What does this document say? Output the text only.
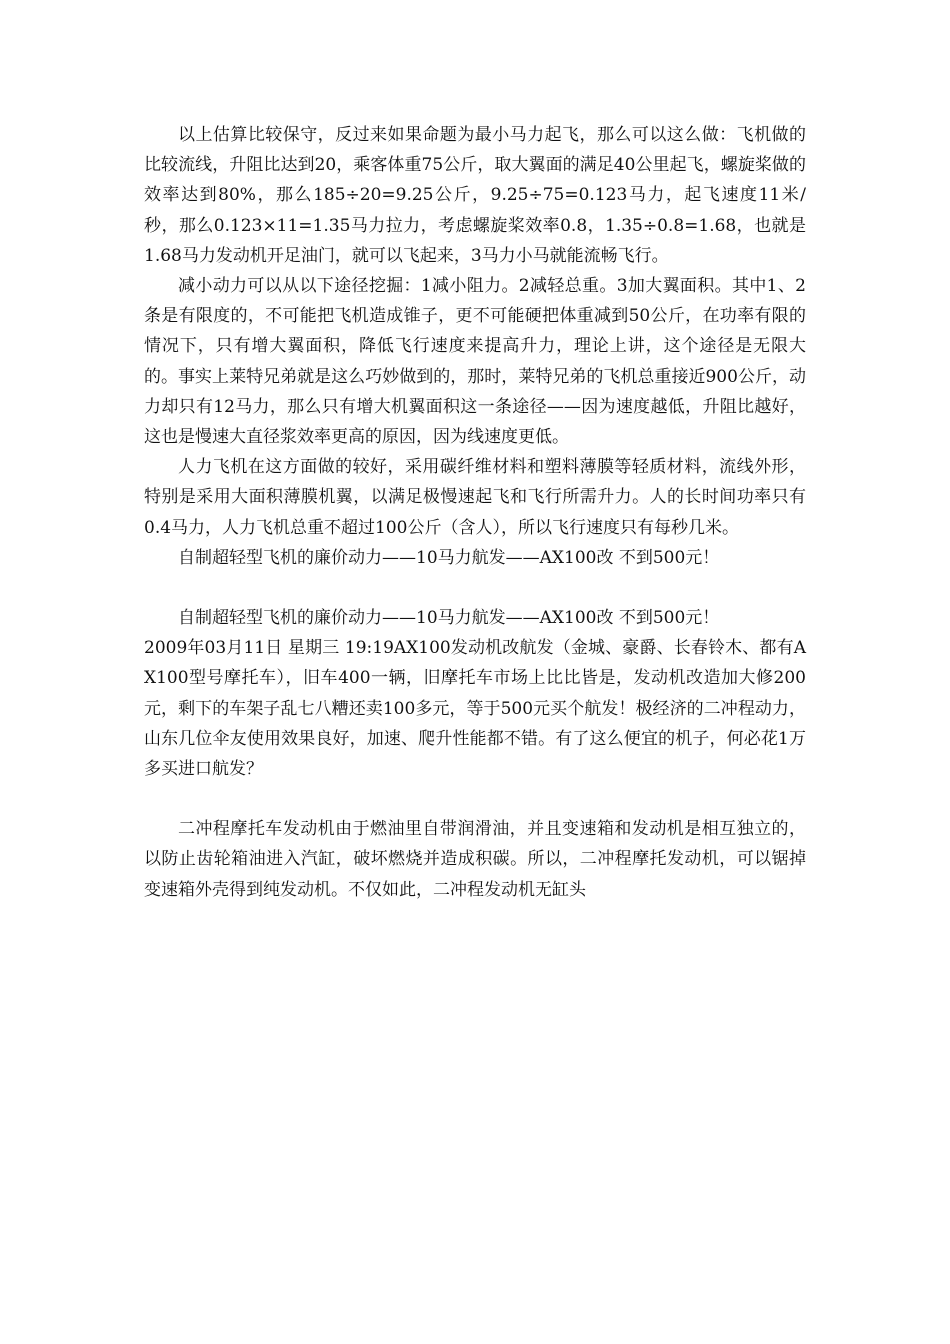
以上估算比较保守，反过来如果命题为最小马力起飞，那么可以这么做：飞机做的比较流线，升阻比达到20，乘客体重75公斤，取大翼面的满足40公里起飞，螺旋桨做的效率达到80%，那么185÷20=9.25公斤，9.25÷75=0.123马力，起飞速度11米/秒，那么0.123×11=1.35马力拉力，考虑螺旋桨效率0.8，1.35÷0.8=1.68，也就是1.68马力发动机开足油门，就可以飞起来，3马力小马就能流畅飞行。

减小动力可以从以下途径挖掘：1减小阻力。2减轻总重。3加大翼面积。其中1、2条是有限度的，不可能把飞机造成锥子，更不可能硬把体重减到50公斤，在功率有限的情况下，只有增大翼面积，降低飞行速度来提高升力，理论上讲，这个途径是无限大的。事实上莱特兄弟就是这么巧妙做到的，那时，莱特兄弟的飞机总重接近900公斤，动力却只有12马力，那么只有增大机翼面积这一条途径——因为速度越低，升阻比越好，这也是慢速大直径浆效率更高的原因，因为线速度更低。

人力飞机在这方面做的较好，采用碳纤维材料和塑料薄膜等轻质材料，流线外形，特别是采用大面积薄膜机翼，以满足极慢速起飞和飞行所需升力。人的长时间功率只有0.4马力，人力飞机总重不超过100公斤（含人），所以飞行速度只有每秒几米。

自制超轻型飞机的廉价动力——10马力航发——AX100改 不到500元！

自制超轻型飞机的廉价动力——10马力航发——AX100改 不到500元！

2009年03月11日 星期三 19:19AX100发动机改航发（金城、豪爵、长春铃木、都有AX100型号摩托车），旧车400一辆，旧摩托车市场上比比皆是，发动机改造加大修200元，剩下的车架子乱七八糟还卖100多元，等于500元买个航发！极经济的二冲程动力，山东几位伞友使用效果良好，加速、爬升性能都不错。有了这么便宜的机子，何必花1万多买进口航发？

二冲程摩托车发动机由于燃油里自带润滑油，并且变速箱和发动机是相互独立的，以防止齿轮箱油进入汽缸，破坏燃烧并造成积碳。所以，二冲程摩托发动机，可以锯掉变速箱外壳得到纯发动机。不仅如此，二冲程发动机无缸头
